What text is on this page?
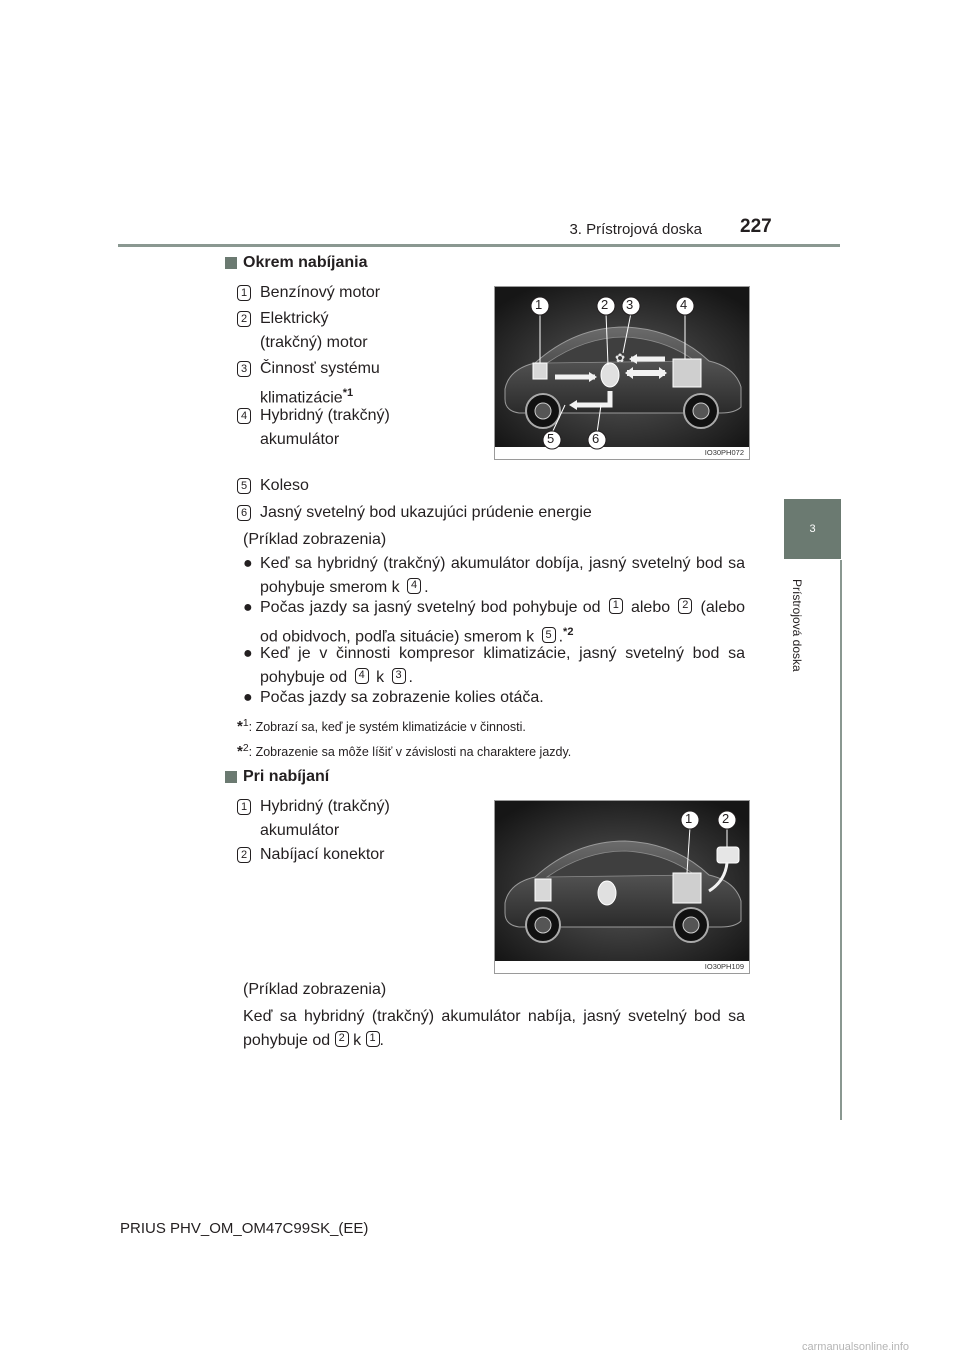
3. Prístrojová doska 227
3
Prístrojová doska
Okrem nabíjania
1 Benzínový motor
2 Elektrický
(trakčný) motor
3 Činnosť systému
klimatizácie$^{*1}$
4 Hybridný (trakčný)
akumulátor
5 Koleso
6 Jasný svetelný bod ukazujúci prúdenie energie
✿
1	2 3	4
5	6
IO30PH072
(Príklad zobrazenia)
● Keď sa hybridný (trakčný) akumulátor dobíja, jasný svetelný bod sa pohybuje smerom k 4 .
● Počas jazdy sa jasný svetelný bod pohybuje od 1 alebo 2 (alebo od obidvoch, podľa situácie) smerom k 5 .$^{*2}$
● Keď je v činnosti kompresor klimatizácie, jasný svetelný bod sa pohybuje od 4 k 3 .
● Počas jazdy sa zobrazenie kolies otáča.
*$^1$: Zobrazí sa, keď je systém klimatizácie v činnosti.
*$^2$: Zobrazenie sa môže líšiť v závislosti na charaktere jazdy.
Pri nabíjaní
1 Hybridný (trakčný)
akumulátor
2 Nabíjací konektor
1 2
IO30PH109
(Príklad zobrazenia)
Keď sa hybridný (trakčný) akumulátor nabíja, jasný svetelný bod sa pohybuje od 2 k 1 .
PRIUS PHV_OM_OM47C99SK_(EE)
carmanualsonline.info
